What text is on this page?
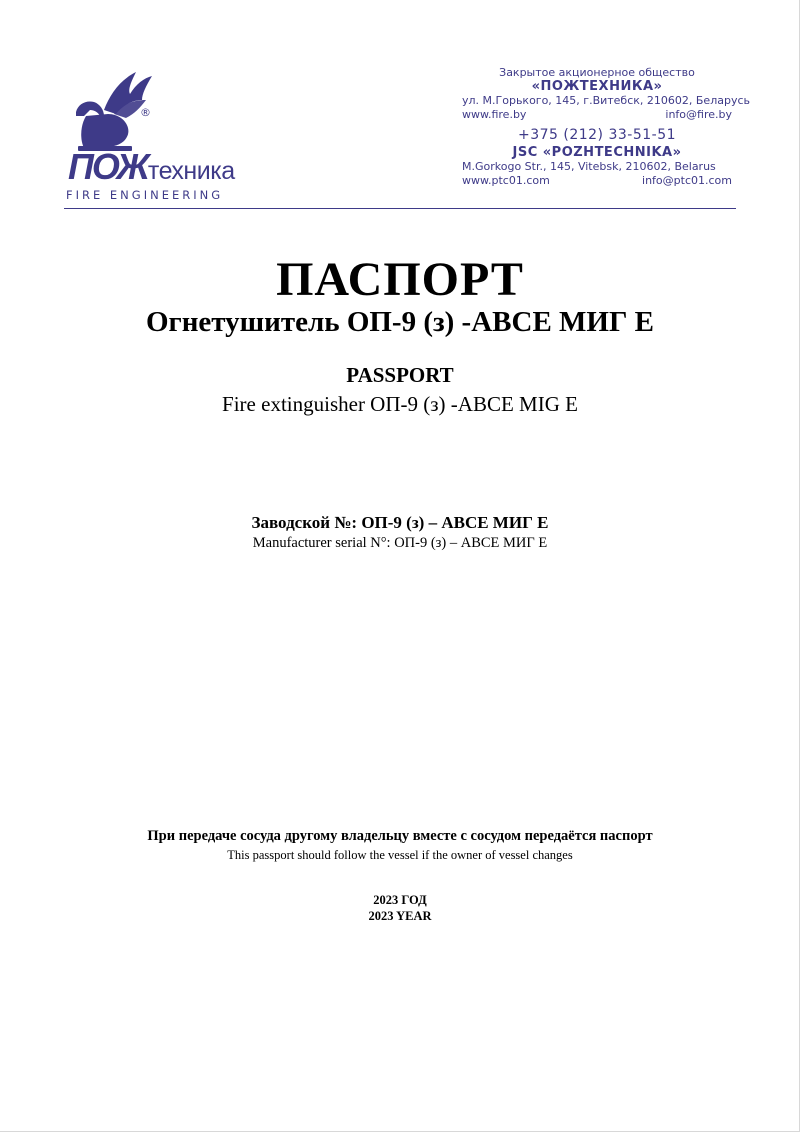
®
ПОЖтехника
FIRE ENGINEERING
Закрытое акционерное общество
«ПОЖТЕХНИКА»
ул. М.Горького, 145, г.Витебск, 210602, Беларусь
www.fire.by	info@fire.by
+375 (212) 33-51-51
JSC «POZHTECHNIKA»
M.Gorkogo Str., 145, Vitebsk, 210602, Belarus
www.ptc01.com	info@ptc01.com
ПАСПОРТ
Огнетушитель ОП-9 (з) -АВСЕ МИГ Е
PASSPORT
Fire extinguisher ОП-9 (з) -АВСЕ MIG E
Заводской №: ОП-9 (з) – АВСЕ МИГ Е
Manufacturer serial N°: ОП-9 (з) – АВСЕ МИГ Е
При передаче сосуда другому владельцу вместе с сосудом передаётся паспорт
This passport should follow the vessel if the owner of vessel changes
2023 ГОД
2023 YEAR
